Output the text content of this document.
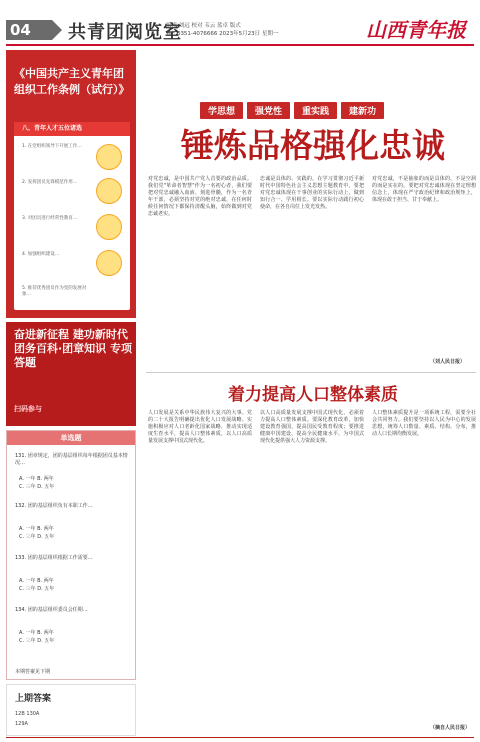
04	共青团阅览室
编辑 刘远 校对 韦云 蓝卓 版式
Tel: 0351-4076666 2023年5月23日 星期一	山西青年报
《中国共产主义青年团组织工作条例（试行）》
八、青年人才五位诸选
1. 在党组织领导下开展工作…
2. 发挥团员先锋模范作用…
3. 对团员进行经常性教育…
4. 加强组织建设…
5. 推荐优秀团员作为党的发展对象…
奋进新征程 建功新时代 团务百科·团章知识 专项答题
扫码参与
单选题
131. 团章规定，团的基层组织每年根据团员基本情况…
A. 一年 B. 两年
C. 三年 D. 五年
132. 团的基层组织负有本职工作…
A. 一年 B. 两年
C. 三年 D. 五年
133. 团的基层组织根据工作需要…
A. 一年 B. 两年
C. 三年 D. 五年
134. 团的基层组织委员会任期…
A. 一年 B. 两年
C. 三年 D. 五年
本期答案见下期
上期答案
12B 130A
129A
学思想	强党性	重实践	建新功
锤炼品格强化忠诚
对党忠诚，是中国共产党人首要的政治品质。我们党"革命者智慧"作为一名初心者，我们要把对党忠诚融入血液、刻进骨髓，作为一名青年干部，必须坚持对党的绝对忠诚，在任何时候任何情况下都保持清醒头脑，始终做到对党忠诚老实。
忠诚是具体的、实践的。在学习贯彻习近平新时代中国特色社会主义思想主题教育中，要把对党忠诚体现在干事创业的实际行动上，做到知行合一、学用相长。要以实际行动践行初心使命，在各自岗位上发光发热。
对党忠诚，不是抽象的而是具体的，不是空洞的而是实在的。要把对党忠诚体现在坚定理想信念上，体现在严守政治纪律和政治规矩上，体现在敢于担当、甘于奉献上。
（刘人民日报）
着力提高人口整体素质
人口发展是关系中华民族伟大复兴的大事。党的二十大报告明确提出优化人口发展战略。实施积极应对人口老龄化国家战略，推动实现适度生育水平，提高人口整体素质，以人口高质量发展支撑中国式现代化。
以人口高质量发展支撑中国式现代化，必须着力提高人口整体素质。要深化教育改革，加快建设教育强国，提高国民受教育程度；要推进健康中国建设，提高全民健康水平，为中国式现代化提供强大人力资源支撑。
人口整体素质提升是一项系统工程，需要全社会共同努力。我们要坚持以人民为中心的发展思想，统筹人口数量、素质、结构、分布，推动人口长期均衡发展。
（摘自人民日报）
